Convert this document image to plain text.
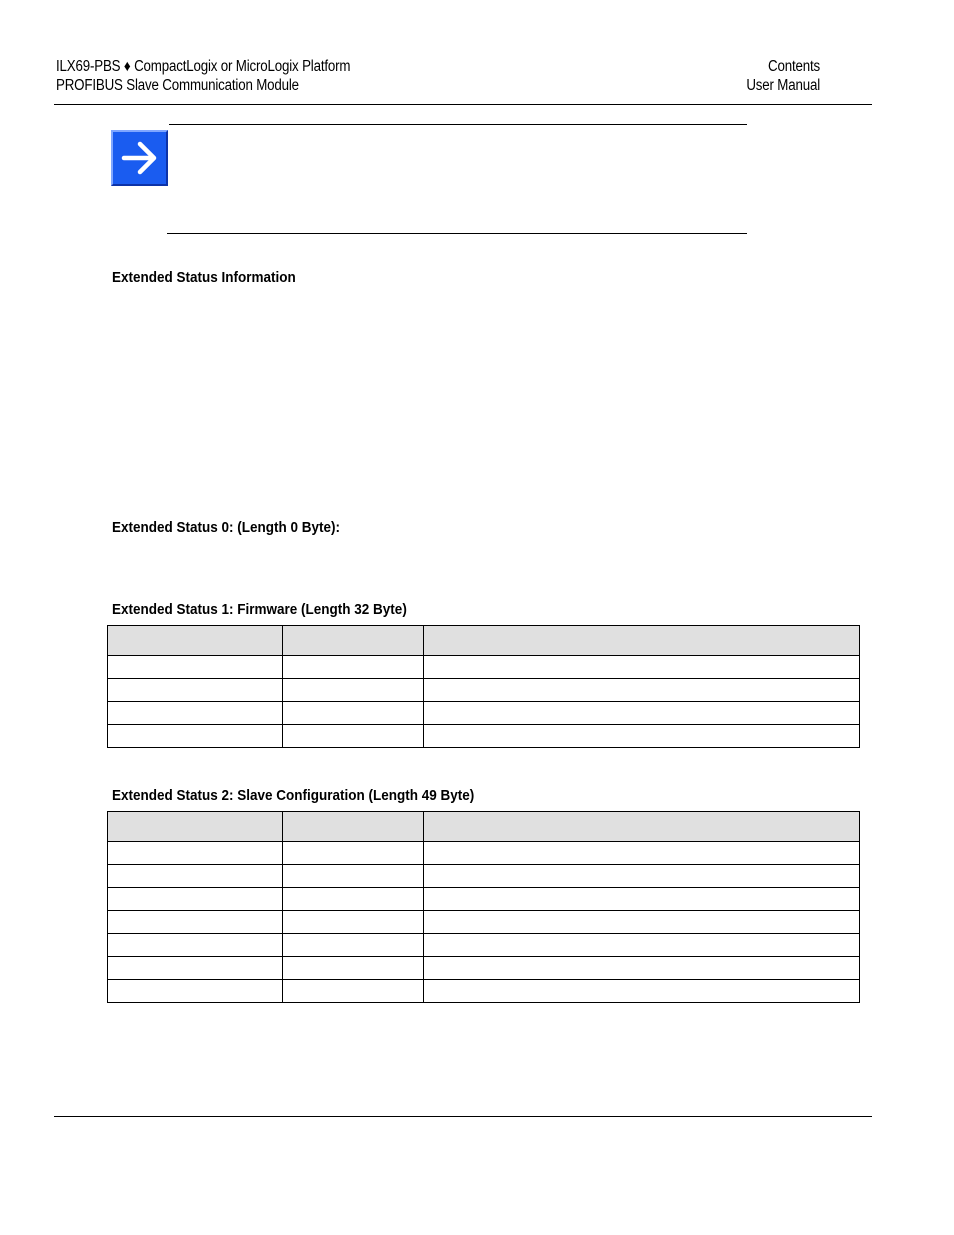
ILX69-PBS ♦ CompactLogix or MicroLogix Platform
PROFIBUS Slave Communication Module
Contents
User Manual
Extended Status Information
Extended Status 0: (Length 0 Byte):
Extended Status 1: Firmware (Length 32 Byte)

Extended Status 2: Slave Configuration (Length 49 Byte)
